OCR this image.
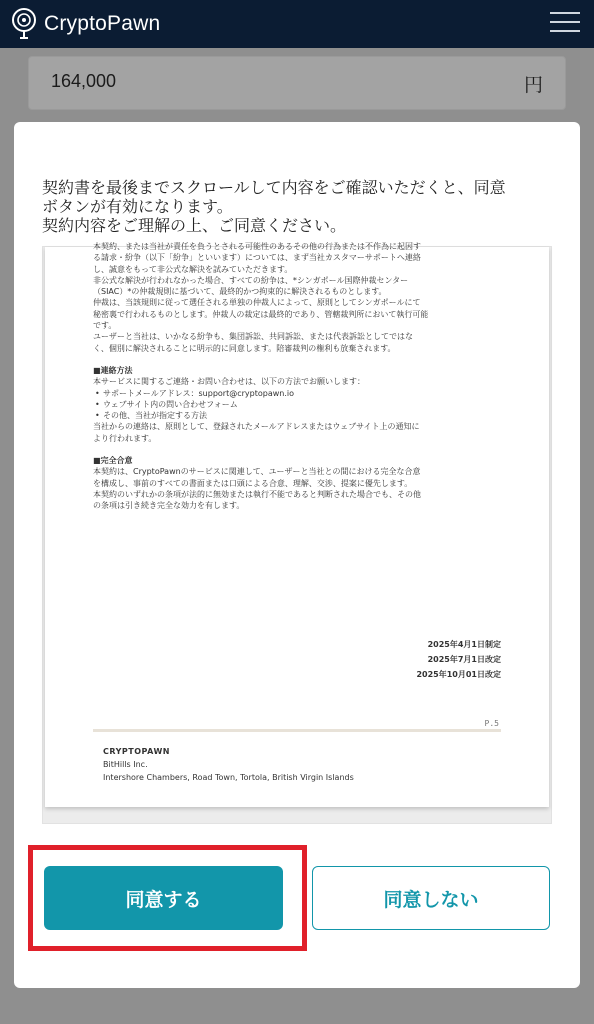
CryptoPawn
164,000	円

契約書を最後までスクロールして内容をご確認いただくと、同意

ボタンが有効になります。

契約内容をご理解の上、ご同意ください。

本契約、または当社が責任を負うとされる可能性のあるその他の行為または不作為に起因す

る請求・紛争（以下「紛争」といいます）については、まず当社カスタマーサポートへ連絡

し、誠意をもって非公式な解決を試みていただきます。

非公式な解決が行われなかった場合、すべての紛争は、*シンガポール国際仲裁センター

（SIAC）*の仲裁規則に基づいて、最終的かつ拘束的に解決されるものとします。

仲裁は、当該規則に従って選任される単独の仲裁人によって、原則としてシンガポールにて

秘密裏で行われるものとします。仲裁人の裁定は最終的であり、管轄裁判所において執行可能

です。

ユーザーと当社は、いかなる紛争も、集団訴訟、共同訴訟、または代表訴訟としてではな

く、個別に解決されることに明示的に同意します。陪審裁判の権利も放棄されます。

■連絡方法

本サービスに関するご連絡・お問い合わせは、以下の方法でお願いします：

• サポートメールアドレス：support@cryptopawn.io

• ウェブサイト内の問い合わせフォーム

• その他、当社が指定する方法

当社からの連絡は、原則として、登録されたメールアドレスまたはウェブサイト上の通知に

より行われます。

■完全合意

本契約は、CryptoPawnのサービスに関連して、ユーザーと当社との間における完全な合意

を構成し、事前のすべての書面または口頭による合意、理解、交渉、提案に優先します。

本契約のいずれかの条項が法的に無効または執行不能であると判断された場合でも、その他

の条項は引き続き完全な効力を有します。

2025年4月1日制定

2025年7月1日改定

2025年10月01日改定

P.5

CRYPTOPAWN

BitHills Inc.

Intershore Chambers, Road Town, Tortola, British Virgin Islands

同意する	同意しない
